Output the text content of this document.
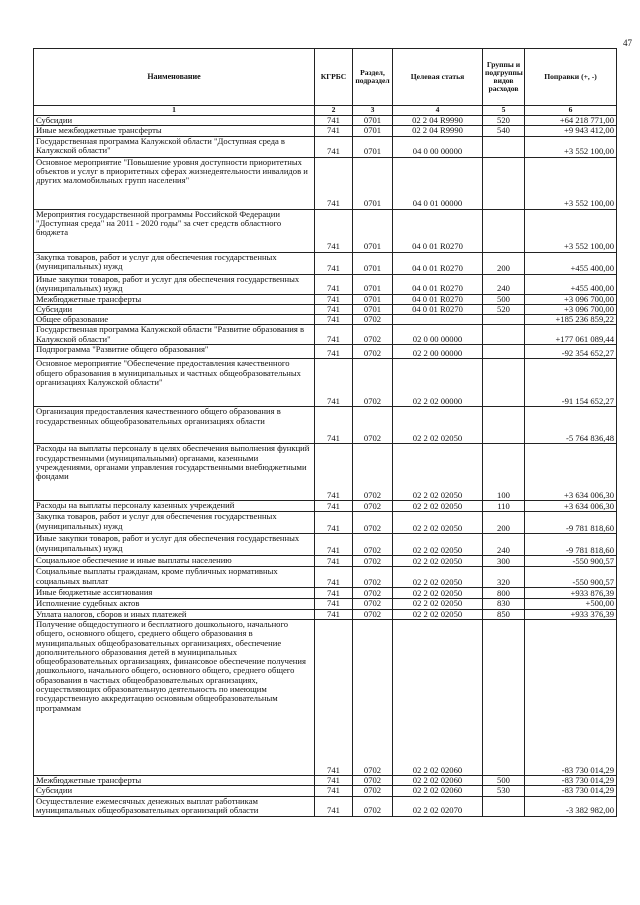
47
Наименование	КГРБС	Раздел, подраздел	Целевая статья	Группы и подгруппы видов расходов	Поправки (+, -)
1	2	3	4	5	6
Субсидии	741	0701	02 2 04 R9990	520	+64 218 771,00
Иные межбюджетные трансферты	741	0701	02 2 04 R9990	540	+9 943 412,00
Государственная программа Калужской области "Доступная среда в Калужской области"	741	0701	04 0 00 00000		+3 552 100,00
Основное мероприятие "Повышение уровня доступности приоритетных объектов и услуг в приоритетных сферах жизнедеятельности инвалидов и других маломобильных групп населения"	741	0701	04 0 01 00000		+3 552 100,00
Мероприятия государственной программы Российской Федерации "Доступная среда" на 2011 - 2020 годы" за счет средств областного бюджета	741	0701	04 0 01 R0270		+3 552 100,00
Закупка товаров, работ и услуг для обеспечения государственных (муниципальных) нужд	741	0701	04 0 01 R0270	200	+455 400,00
Иные закупки товаров, работ и услуг для обеспечения государственных (муниципальных) нужд	741	0701	04 0 01 R0270	240	+455 400,00
Межбюджетные трансферты	741	0701	04 0 01 R0270	500	+3 096 700,00
Субсидии	741	0701	04 0 01 R0270	520	+3 096 700,00
Общее образование	741	0702			+185 236 859,22
Государственная программа Калужской области "Развитие образования в Калужской области"	741	0702	02 0 00 00000		+177 061 089,44
Подпрограмма "Развитие общего образования"	741	0702	02 2 00 00000		-92 354 652,27
Основное мероприятие "Обеспечение предоставления качественного общего образования в муниципальных и частных общеобразовательных организациях Калужской области"	741	0702	02 2 02 00000		-91 154 652,27
Организация предоставления качественного общего образования в государственных общеобразовательных организациях области	741	0702	02 2 02 02050		-5 764 836,48
Расходы на выплаты персоналу в целях обеспечения выполнения функций государственными (муниципальными) органами, казенными учреждениями, органами управления государственными внебюджетными фондами	741	0702	02 2 02 02050	100	+3 634 006,30
Расходы на выплаты персоналу казенных учреждений	741	0702	02 2 02 02050	110	+3 634 006,30
Закупка товаров, работ и услуг для обеспечения государственных (муниципальных) нужд	741	0702	02 2 02 02050	200	-9 781 818,60
Иные закупки товаров, работ и услуг для обеспечения государственных (муниципальных) нужд	741	0702	02 2 02 02050	240	-9 781 818,60
Социальное обеспечение и иные выплаты населению	741	0702	02 2 02 02050	300	-550 900,57
Социальные выплаты гражданам, кроме публичных нормативных социальных выплат	741	0702	02 2 02 02050	320	-550 900,57
Иные бюджетные ассигнования	741	0702	02 2 02 02050	800	+933 876,39
Исполнение судебных актов	741	0702	02 2 02 02050	830	+500,00
Уплата налогов, сборов и иных платежей	741	0702	02 2 02 02050	850	+933 376,39
Получение общедоступного и бесплатного дошкольного, начального общего, основного общего, среднего общего образования в муниципальных общеобразовательных организациях, обеспечение дополнительного образования детей в муниципальных общеобразовательных организациях, финансовое обеспечение получения дошкольного, начального общего, основного общего, среднего общего образования в частных общеобразовательных организациях, осуществляющих образовательную деятельность по имеющим государственную аккредитацию основным общеобразовательным программам	741	0702	02 2 02 02060		-83 730 014,29
Межбюджетные трансферты	741	0702	02 2 02 02060	500	-83 730 014,29
Субсидии	741	0702	02 2 02 02060	530	-83 730 014,29
Осуществление ежемесячных денежных выплат работникам муниципальных общеобразовательных организаций области	741	0702	02 2 02 02070		-3 382 982,00
